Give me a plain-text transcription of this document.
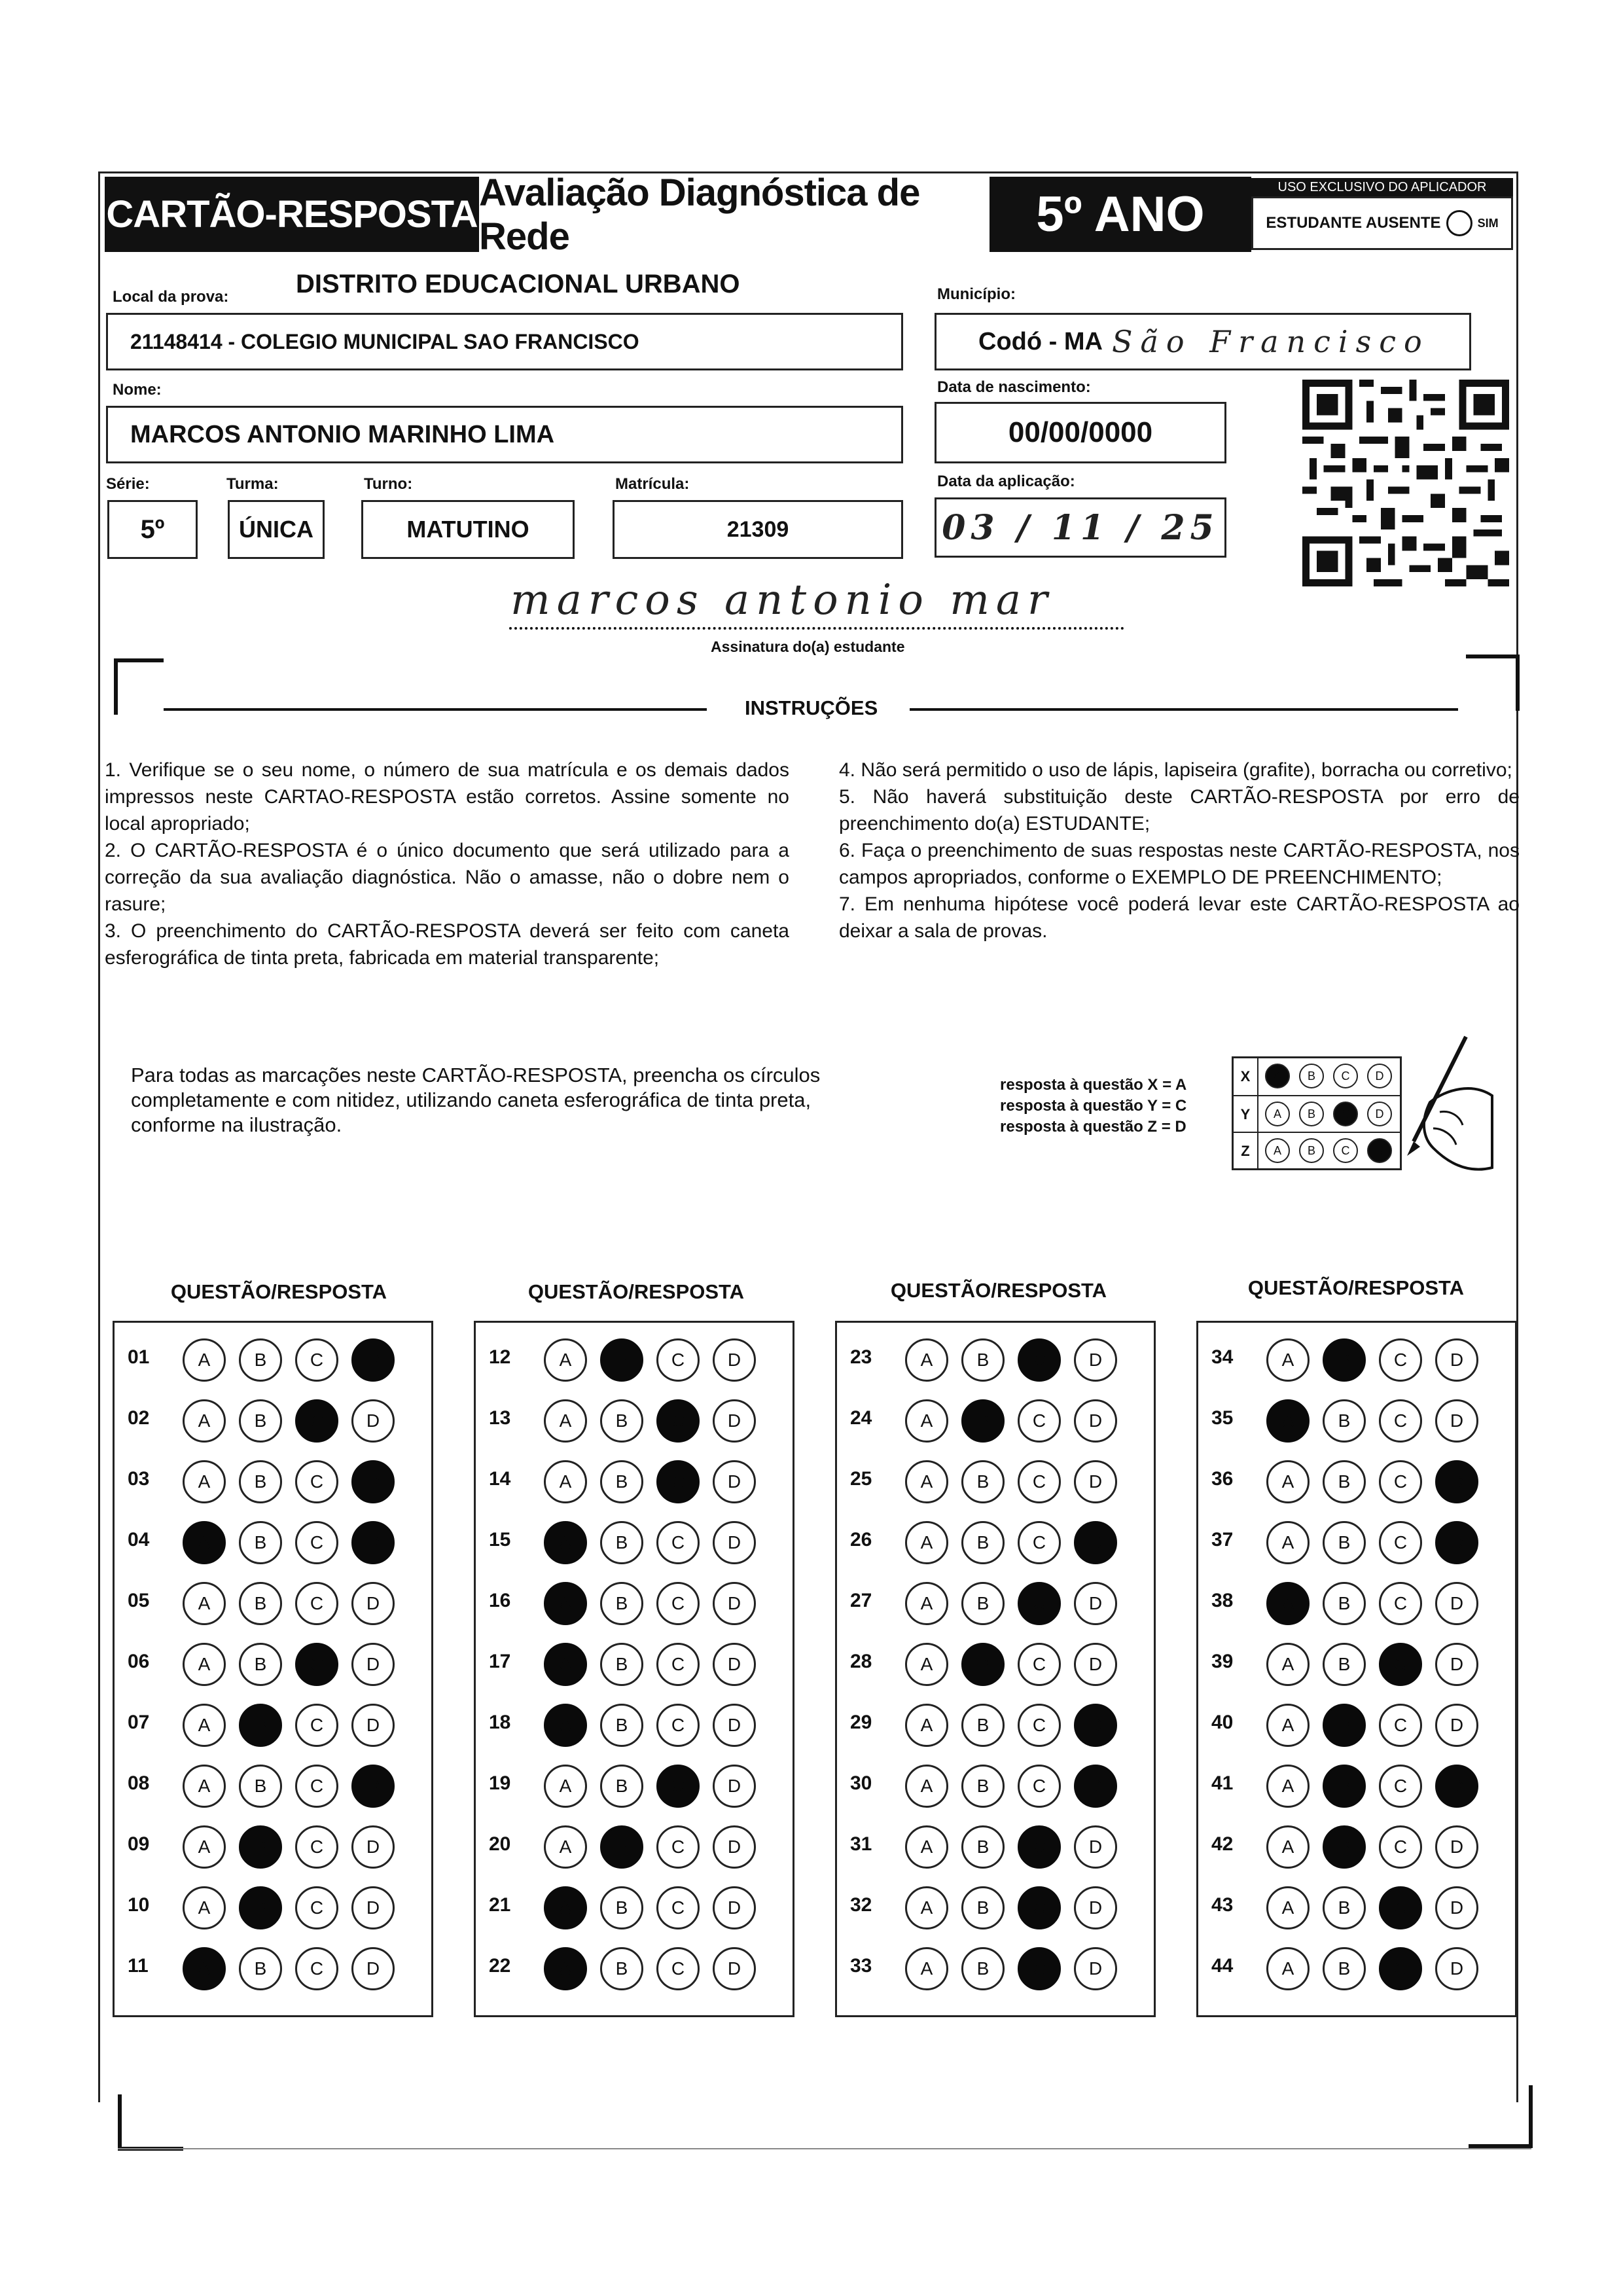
CARTÃO-RESPOSTA
Avaliação Diagnóstica de Rede	5º ANO	USO EXCLUSIVO DO APLICADOR
ESTUDANTE AUSENTE	SIM
Local da prova:	DISTRITO EDUCACIONAL URBANO
21148414 - COLEGIO MUNICIPAL SAO FRANCISCO
Município:
Codó - MA São Francisco
Nome:
MARCOS ANTONIO MARINHO LIMA
Data de nascimento:
00/00/0000
Série:
5º
Turma:
ÚNICA
Turno:
MATUTINO
Matrícula:
21309
Data da aplicação:
03 / 11 / 25
marcos antonio mar
Assinatura do(a) estudante
INSTRUÇÕES
1. Verifique se o seu nome, o número de sua matrícula e os demais dados impressos neste CARTAO-RESPOSTA estão corretos. Assine somente no local apropriado;
2. O CARTÃO-RESPOSTA é o único documento que será utilizado para a correção da sua avaliação diagnóstica. Não o amasse, não o dobre nem o rasure;
3. O preenchimento do CARTÃO-RESPOSTA deverá ser feito com caneta esferográfica de tinta preta, fabricada em material transparente;
4. Não será permitido o uso de lápis, lapiseira (grafite), borracha ou corretivo;
5. Não haverá substituição deste CARTÃO-RESPOSTA por erro de preenchimento do(a) ESTUDANTE;
6. Faça o preenchimento de suas respostas neste CARTÃO-RESPOSTA, nos campos apropriados, conforme o EXEMPLO DE PREENCHIMENTO;
7. Em nenhuma hipótese você poderá levar este CARTÃO-RESPOSTA ao deixar a sala de provas.
Para todas as marcações neste CARTÃO-RESPOSTA, preencha os círculos completamente e com nitidez, utilizando caneta esferográfica de tinta preta, conforme na ilustração.
resposta à questão X = A
resposta à questão Y = C
resposta à questão Z = D
X	A	B	C	D
Y	A	B	C	D
Z	A	B	C	D
QUESTÃO/RESPOSTA	QUESTÃO/RESPOSTA	QUESTÃO/RESPOSTA	QUESTÃO/RESPOSTA
01	A	B	C	D
02	A	B	C	D
03	A	B	C	D
04	A	B	C	D
05	A	B	C	D
06	A	B	C	D
07	A	B	C	D
08	A	B	C	D
09	A	B	C	D
10	A	B	C	D
11	A	B	C	D
12	A	B	C	D
13	A	B	C	D
14	A	B	C	D
15	A	B	C	D
16	A	B	C	D
17	A	B	C	D
18	A	B	C	D
19	A	B	C	D
20	A	B	C	D
21	A	B	C	D
22	A	B	C	D
23	A	B	C	D
24	A	B	C	D
25	A	B	C	D
26	A	B	C	D
27	A	B	C	D
28	A	B	C	D
29	A	B	C	D
30	A	B	C	D
31	A	B	C	D
32	A	B	C	D
33	A	B	C	D
34	A	B	C	D
35	A	B	C	D
36	A	B	C	D
37	A	B	C	D
38	A	B	C	D
39	A	B	C	D
40	A	B	C	D
41	A	B	C	D
42	A	B	C	D
43	A	B	C	D
44	A	B	C	D
